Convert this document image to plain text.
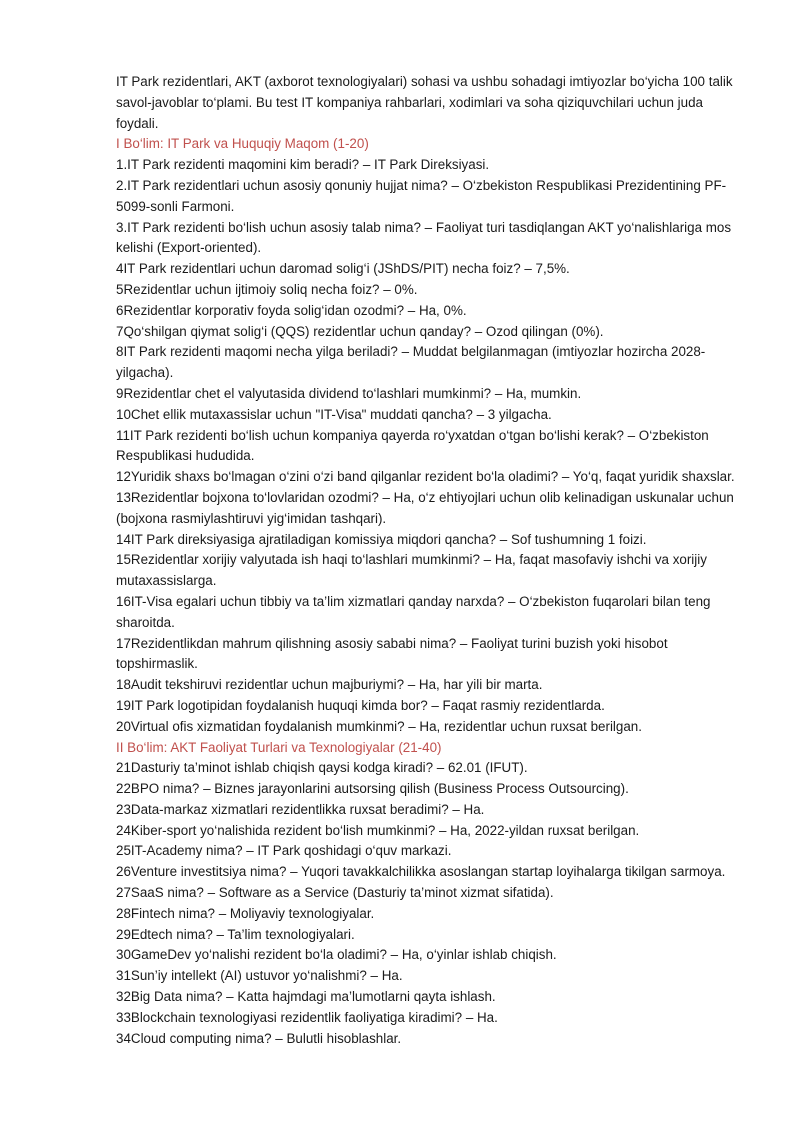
IT Park rezidentlari, AKT (axborot texnologiyalari) sohasi va ushbu sohadagi imtiyozlar bo‘yicha 100 talik savol-javoblar to‘plami. Bu test IT kompaniya rahbarlari, xodimlari va soha qiziquvchilari uchun juda foydali.

I Bo‘lim: IT Park va Huquqiy Maqom (1-20)

1.IT Park rezidenti maqomini kim beradi? – IT Park Direksiyasi.

2.IT Park rezidentlari uchun asosiy qonuniy hujjat nima? – O‘zbekiston Respublikasi Prezidentining PF-5099-sonli Farmoni.

3.IT Park rezidenti bo‘lish uchun asosiy talab nima? – Faoliyat turi tasdiqlangan AKT yo‘nalishlariga mos kelishi (Export-oriented).

4IT Park rezidentlari uchun daromad solig‘i (JShDS/PIT) necha foiz? – 7,5%.

5Rezidentlar uchun ijtimoiy soliq necha foiz? – 0%.

6Rezidentlar korporativ foyda solig‘idan ozodmi? – Ha, 0%.

7Qo‘shilgan qiymat solig‘i (QQS) rezidentlar uchun qanday? – Ozod qilingan (0%).

8IT Park rezidenti maqomi necha yilga beriladi? – Muddat belgilanmagan (imtiyozlar hozircha 2028-yilgacha).

9Rezidentlar chet el valyutasida dividend to‘lashlari mumkinmi? – Ha, mumkin.

10Chet ellik mutaxassislar uchun "IT-Visa" muddati qancha? – 3 yilgacha.

11IT Park rezidenti bo‘lish uchun kompaniya qayerda ro‘yxatdan o‘tgan bo‘lishi kerak? – O‘zbekiston Respublikasi hududida.

12Yuridik shaxs bo‘lmagan o‘zini o‘zi band qilganlar rezident bo‘la oladimi? – Yo‘q, faqat yuridik shaxslar.

13Rezidentlar bojxona to‘lovlaridan ozodmi? – Ha, o‘z ehtiyojlari uchun olib kelinadigan uskunalar uchun (bojxona rasmiylashtiruvi yig‘imidan tashqari).

14IT Park direksiyasiga ajratiladigan komissiya miqdori qancha? – Sof tushumning 1 foizi.

15Rezidentlar xorijiy valyutada ish haqi to‘lashlari mumkinmi? – Ha, faqat masofaviy ishchi va xorijiy mutaxassislarga.

16IT-Visa egalari uchun tibbiy va ta’lim xizmatlari qanday narxda? – O‘zbekiston fuqarolari bilan teng sharoitda.

17Rezidentlikdan mahrum qilishning asosiy sababi nima? – Faoliyat turini buzish yoki hisobot topshirmaslik.

18Audit tekshiruvi rezidentlar uchun majburiymi? – Ha, har yili bir marta.

19IT Park logotipidan foydalanish huquqi kimda bor? – Faqat rasmiy rezidentlarda.

20Virtual ofis xizmatidan foydalanish mumkinmi? – Ha, rezidentlar uchun ruxsat berilgan.

II Bo‘lim: AKT Faoliyat Turlari va Texnologiyalar (21-40)

21Dasturiy ta’minot ishlab chiqish qaysi kodga kiradi? – 62.01 (IFUT).

22BPO nima? – Biznes jarayonlarini autsorsing qilish (Business Process Outsourcing).

23Data-markaz xizmatlari rezidentlikka ruxsat beradimi? – Ha.

24Kiber-sport yo‘nalishida rezident bo‘lish mumkinmi? – Ha, 2022-yildan ruxsat berilgan.

25IT-Academy nima? – IT Park qoshidagi o‘quv markazi.

26Venture investitsiya nima? – Yuqori tavakkalchilikka asoslangan startap loyihalarga tikilgan sarmoya.

27SaaS nima? – Software as a Service (Dasturiy ta’minot xizmat sifatida).

28Fintech nima? – Moliyaviy texnologiyalar.

29Edtech nima? – Ta’lim texnologiyalari.

30GameDev yo‘nalishi rezident bo‘la oladimi? – Ha, o‘yinlar ishlab chiqish.

31Sun’iy intellekt (AI) ustuvor yo‘nalishmi? – Ha.

32Big Data nima? – Katta hajmdagi ma’lumotlarni qayta ishlash.

33Blockchain texnologiyasi rezidentlik faoliyatiga kiradimi? – Ha.

34Cloud computing nima? – Bulutli hisoblashlar.
